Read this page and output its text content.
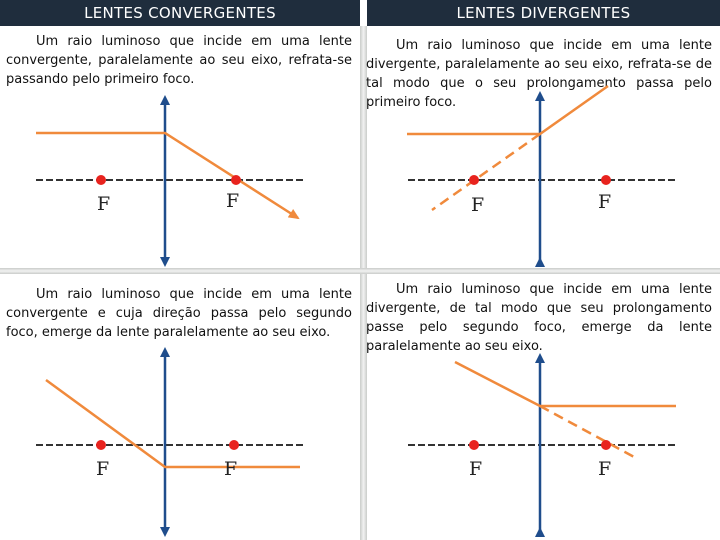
LENTES CONVERGENTES	LENTES DIVERGENTES
Um raio luminoso que incide em uma lente convergente, paralelamente ao seu eixo, refrata-se passando pelo primeiro foco.
Um raio luminoso que incide em uma lente divergente, paralelamente ao seu eixo, refrata-se de tal modo que o seu prolongamento passa pelo primeiro foco.
Um raio luminoso que incide em uma lente convergente e cuja direção passa pelo segundo foco, emerge da lente paralelamente ao seu eixo.
Um raio luminoso que incide em uma lente divergente, de tal modo que seu prolongamento passe pelo segundo foco, emerge da lente paralelamente ao seu eixo.
F	F	F	F
F	F	F	F
